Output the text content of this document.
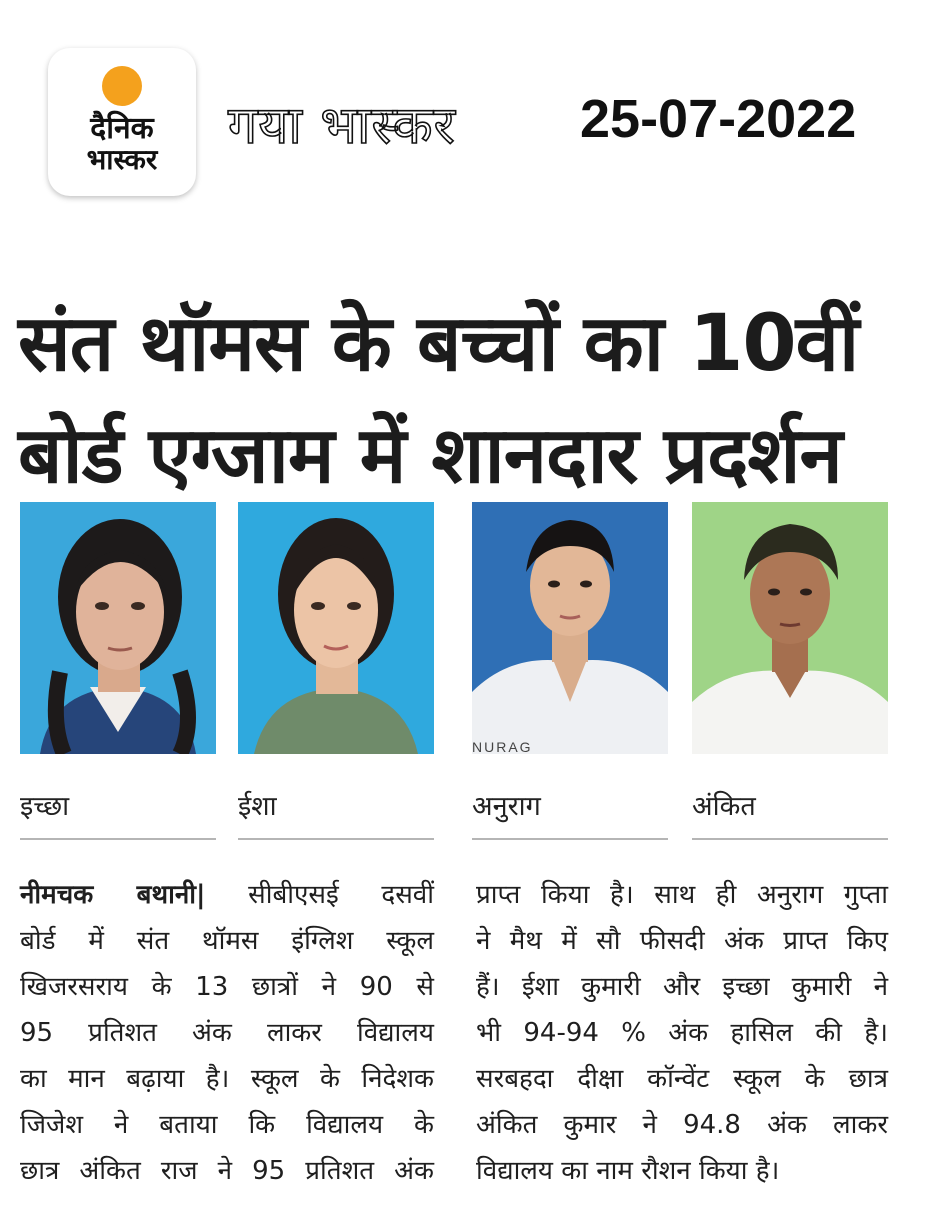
दैनिक
भास्कर
गया भास्कर 25-07-2022
संत थॉमस के बच्चों का 10वीं
बोर्ड एग्जाम में शानदार प्रदर्शन
NURAG
इच्छा	ईशा	अनुराग	अंकित
नीमचक बथानी| सीबीएसई दसवीं
बोर्ड में संत थॉमस इंग्लिश स्कूल
खिजरसराय के 13 छात्रों ने 90 से
95 प्रतिशत अंक लाकर विद्यालय
का मान बढ़ाया है। स्कूल के निदेशक
जिजेश ने बताया कि विद्यालय के
छात्र अंकित राज ने 95 प्रतिशत अंक
प्राप्त किया है। साथ ही अनुराग गुप्ता
ने मैथ में सौ फीसदी अंक प्राप्त किए
हैं। ईशा कुमारी और इच्छा कुमारी ने
भी 94-94 % अंक हासिल की है।
सरबहदा दीक्षा कॉन्वेंट स्कूल के छात्र
अंकित कुमार ने 94.8 अंक लाकर
विद्यालय का नाम रौशन किया है।
